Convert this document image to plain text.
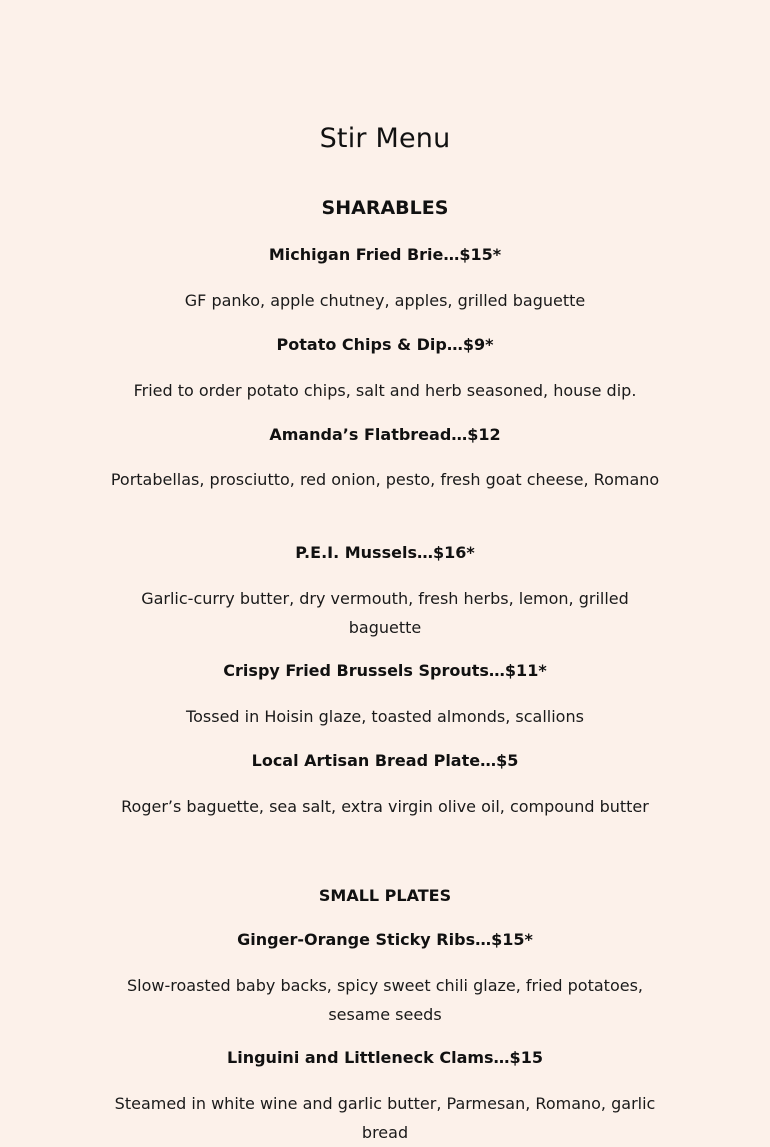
Stir Menu
SHARABLES
Michigan Fried Brie…$15*

GF panko, apple chutney, apples, grilled baguette

Potato Chips & Dip…$9*

Fried to order potato chips, salt and herb seasoned, house dip.

Amanda’s Flatbread…$12

Portabellas, prosciutto, red onion, pesto, fresh goat cheese, Romano

P.E.I. Mussels…$16*

Garlic-curry butter, dry vermouth, fresh herbs, lemon, grilled baguette

Crispy Fried Brussels Sprouts…$11*

Tossed in Hoisin glaze, toasted almonds, scallions

Local Artisan Bread Plate…$5

Roger’s baguette, sea salt, extra virgin olive oil, compound butter

SMALL PLATES
Ginger-Orange Sticky Ribs…$15*

Slow-roasted baby backs, spicy sweet chili glaze, fried potatoes, sesame seeds

Linguini and Littleneck Clams…$15

Steamed in white wine and garlic butter, Parmesan, Romano, garlic bread
